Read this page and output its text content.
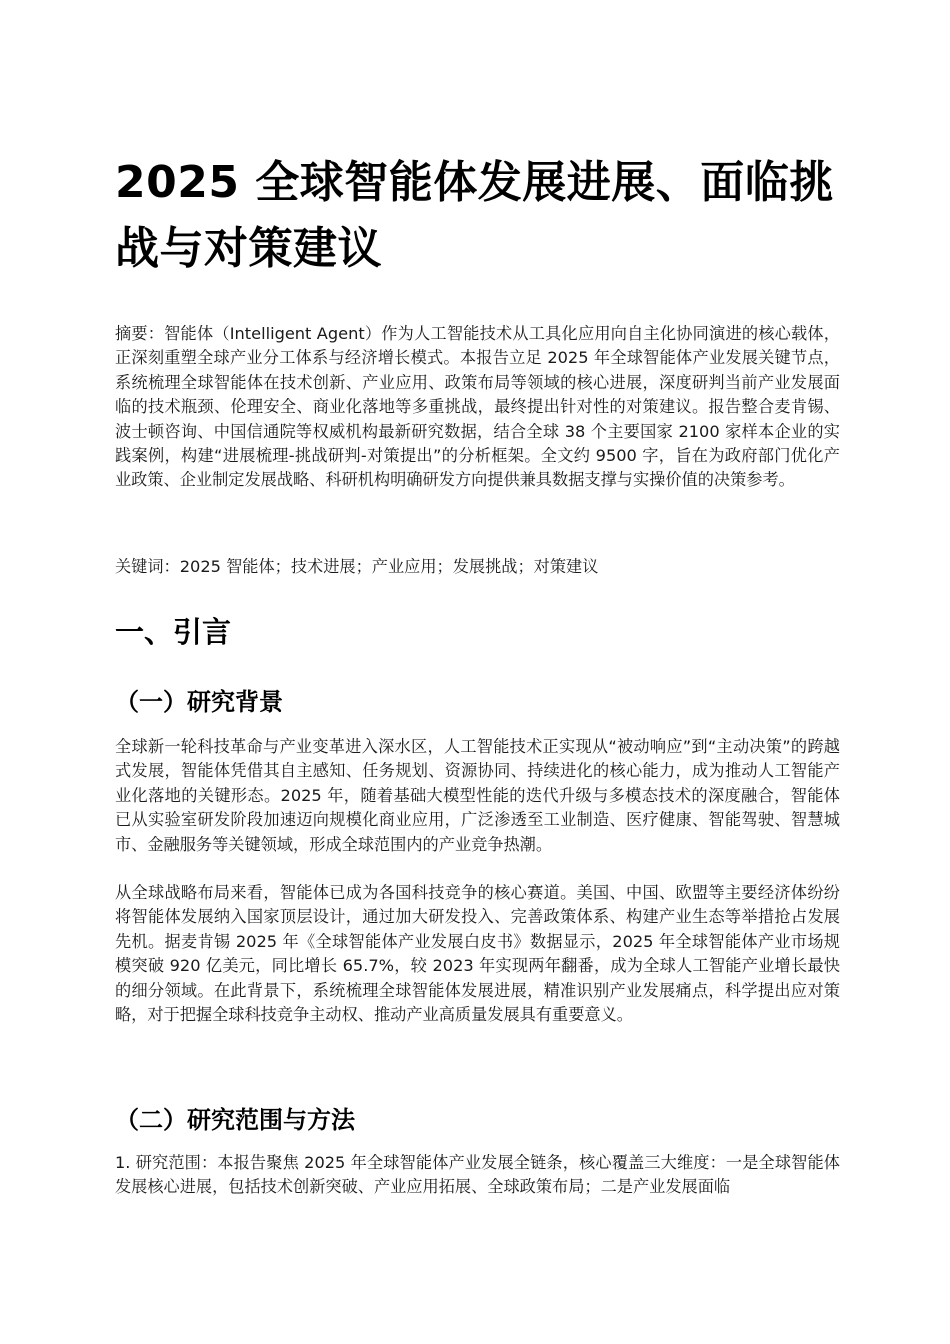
2025 全球智能体发展进展、面临挑战与对策建议

摘要：智能体（Intelligent Agent）作为人工智能技术从工具化应用向自主化协同演进的核心载体，正深刻重塑全球产业分工体系与经济增长模式。本报告立足 2025 年全球智能体产业发展关键节点，系统梳理全球智能体在技术创新、产业应用、政策布局等领域的核心进展，深度研判当前产业发展面临的技术瓶颈、伦理安全、商业化落地等多重挑战，最终提出针对性的对策建议。报告整合麦肯锡、波士顿咨询、中国信通院等权威机构最新研究数据，结合全球 38 个主要国家 2100 家样本企业的实践案例，构建“进展梳理-挑战研判-对策提出”的分析框架。全文约 9500 字，旨在为政府部门优化产业政策、企业制定发展战略、科研机构明确研发方向提供兼具数据支撑与实操价值的决策参考。

关键词：2025 智能体；技术进展；产业应用；发展挑战；对策建议

一、引言
（一）研究背景

全球新一轮科技革命与产业变革进入深水区，人工智能技术正实现从“被动响应”到“主动决策”的跨越式发展，智能体凭借其自主感知、任务规划、资源协同、持续进化的核心能力，成为推动人工智能产业化落地的关键形态。2025 年，随着基础大模型性能的迭代升级与多模态技术的深度融合，智能体已从实验室研发阶段加速迈向规模化商业应用，广泛渗透至工业制造、医疗健康、智能驾驶、智慧城市、金融服务等关键领域，形成全球范围内的产业竞争热潮。

从全球战略布局来看，智能体已成为各国科技竞争的核心赛道。美国、中国、欧盟等主要经济体纷纷将智能体发展纳入国家顶层设计，通过加大研发投入、完善政策体系、构建产业生态等举措抢占发展先机。据麦肯锡 2025 年《全球智能体产业发展白皮书》数据显示，2025 年全球智能体产业市场规模突破 920 亿美元，同比增长 65.7%，较 2023 年实现两年翻番，成为全球人工智能产业增长最快的细分领域。在此背景下，系统梳理全球智能体发展进展，精准识别产业发展痛点，科学提出应对策略，对于把握全球科技竞争主动权、推动产业高质量发展具有重要意义。

（二）研究范围与方法

1. 研究范围：本报告聚焦 2025 年全球智能体产业发展全链条，核心覆盖三大维度：一是全球智能体发展核心进展，包括技术创新突破、产业应用拓展、全球政策布局；二是产业发展面临
